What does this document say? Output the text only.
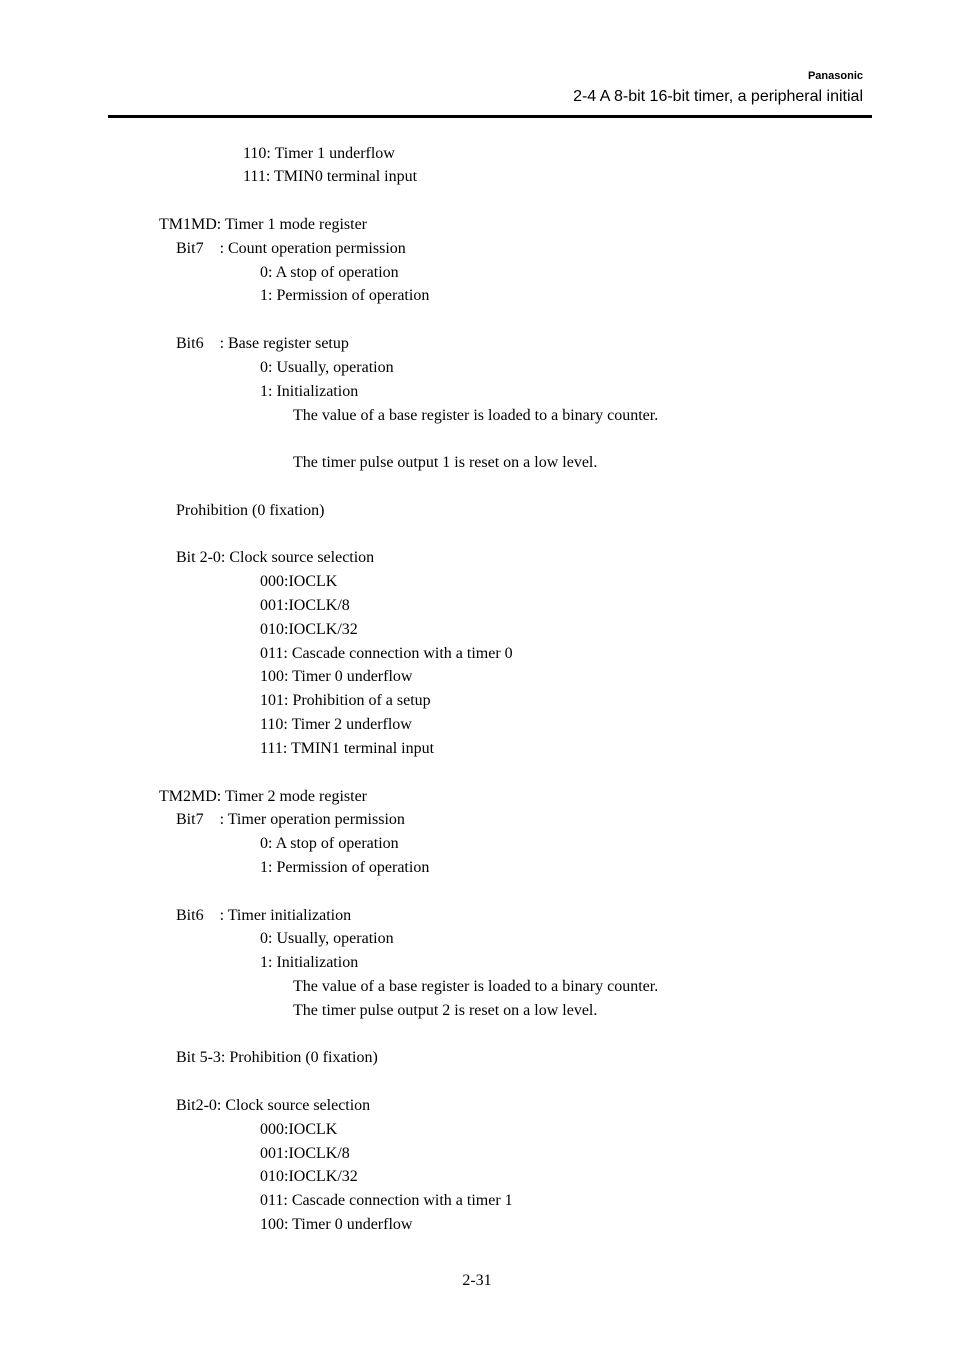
Panasonic
2-4 A 8-bit 16-bit timer, a peripheral initial
110: Timer 1 underflow
111: TMIN0 terminal input
TM1MD: Timer 1 mode register
Bit7    : Count operation permission
0: A stop of operation
1: Permission of operation
Bit6    : Base register setup
0: Usually, operation
1: Initialization
The value of a base register is loaded to a binary counter.
The timer pulse output 1 is reset on a low level.
Prohibition (0 fixation)
Bit 2-0: Clock source selection
000:IOCLK
001:IOCLK/8
010:IOCLK/32
011: Cascade connection with a timer 0
100: Timer 0 underflow
101: Prohibition of a setup
110: Timer 2 underflow
111: TMIN1 terminal input
TM2MD: Timer 2 mode register
Bit7    : Timer operation permission
0: A stop of operation
1: Permission of operation
Bit6    : Timer initialization
0: Usually, operation
1: Initialization
The value of a base register is loaded to a binary counter.
The timer pulse output 2 is reset on a low level.
Bit 5-3: Prohibition (0 fixation)
Bit2-0: Clock source selection
000:IOCLK
001:IOCLK/8
010:IOCLK/32
011: Cascade connection with a timer 1
100: Timer 0 underflow
2-31
